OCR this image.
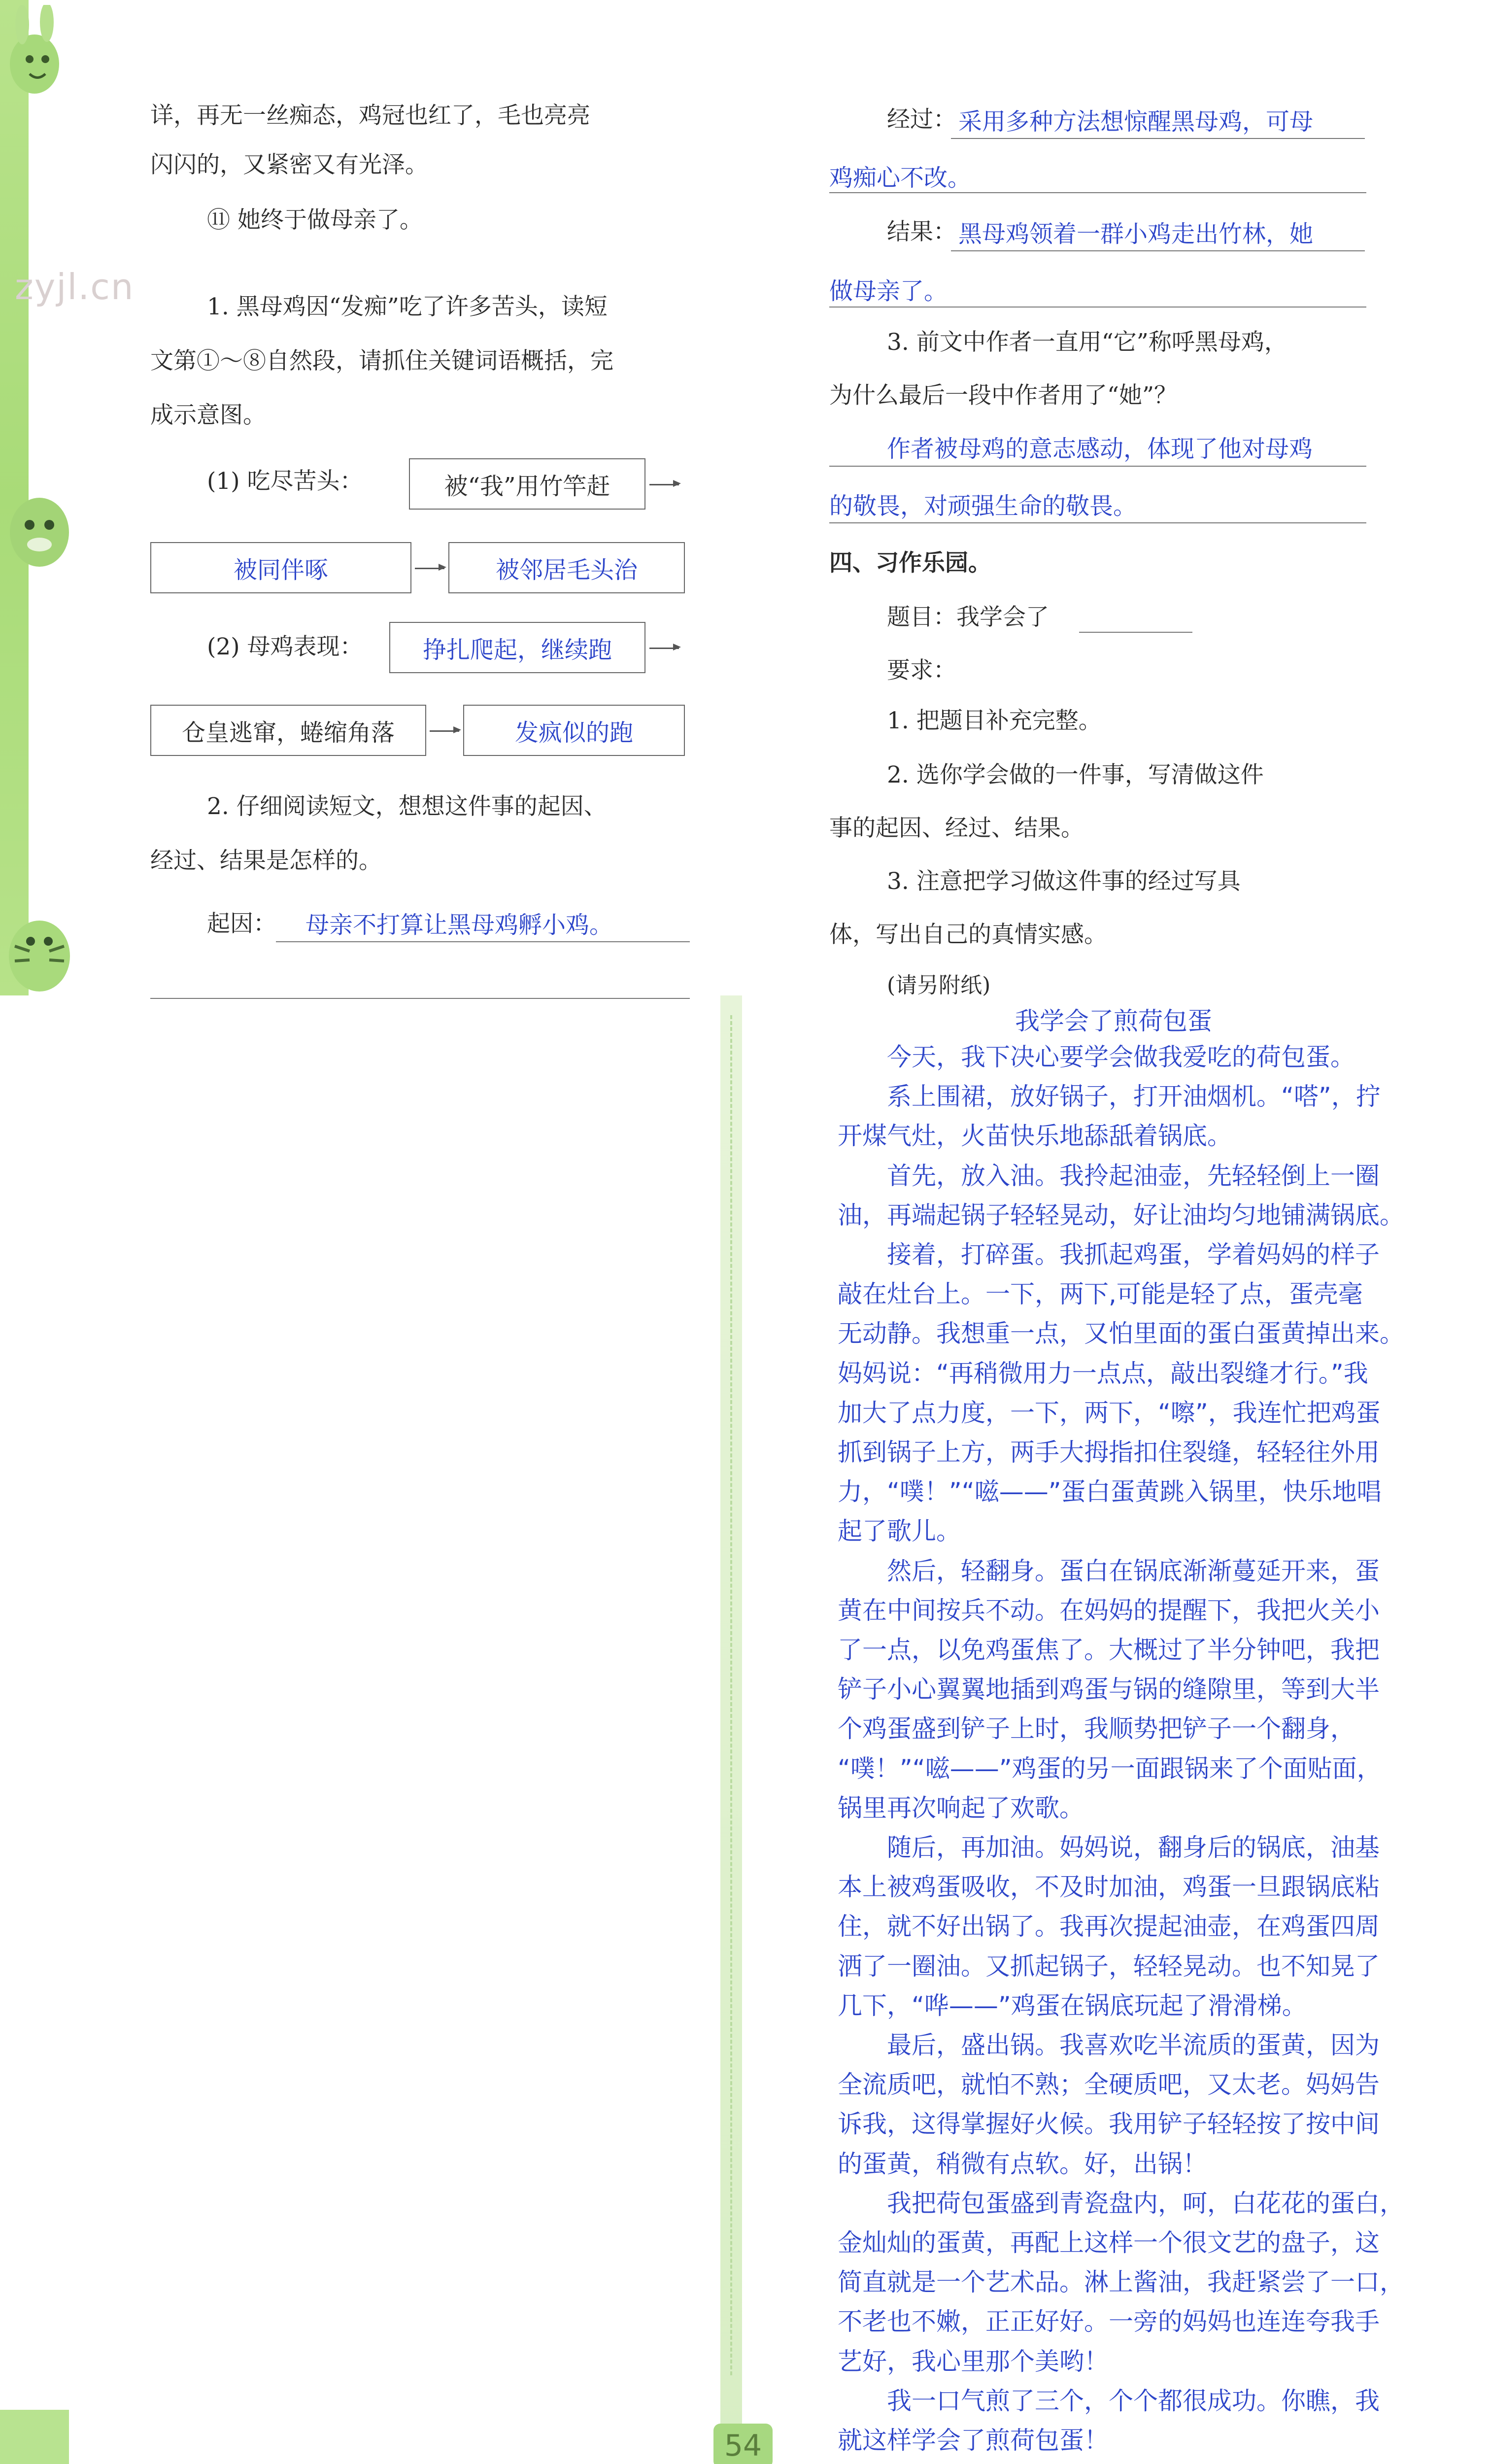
zyjl.cn
54
详，再无一丝痴态，鸡冠也红了，毛也亮亮
闪闪的，又紧密又有光泽。
⑪ 她终于做母亲了。
1. 黑母鸡因“发痴”吃了许多苦头，读短
文第①～⑧自然段，请抓住关键词语概括，完
成示意图。
(1) 吃尽苦头：	被“我”用竹竿赶
被同伴啄	被邻居毛头治
(2) 母鸡表现：	挣扎爬起，继续跑
仓皇逃窜，蜷缩角落	发疯似的跑
2. 仔细阅读短文，想想这件事的起因、
经过、结果是怎样的。
起因： 母亲不打算让黑母鸡孵小鸡。
经过： 采用多种方法想惊醒黑母鸡，可母
鸡痴心不改。
结果： 黑母鸡领着一群小鸡走出竹林，她
做母亲了。
3. 前文中作者一直用“它”称呼黑母鸡，
为什么最后一段中作者用了“她”？
作者被母鸡的意志感动，体现了他对母鸡
的敬畏，对顽强生命的敬畏。
四、习作乐园。
题目：我学会了
要求：
1. 把题目补充完整。
2. 选你学会做的一件事，写清做这件
事的起因、经过、结果。
3. 注意把学习做这件事的经过写具
体，写出自己的真情实感。
(请另附纸)
我学会了煎荷包蛋
今天，我下决心要学会做我爱吃的荷包蛋。
系上围裙，放好锅子，打开油烟机。“嗒”，拧
开煤气灶，火苗快乐地舔舐着锅底。
首先，放入油。我拎起油壶，先轻轻倒上一圈
油，再端起锅子轻轻晃动，好让油均匀地铺满锅底。
接着，打碎蛋。我抓起鸡蛋，学着妈妈的样子
敲在灶台上。一下，两下,可能是轻了点，蛋壳毫
无动静。我想重一点，又怕里面的蛋白蛋黄掉出来。
妈妈说：“再稍微用力一点点，敲出裂缝才行。”我
加大了点力度，一下，两下，“嚓”，我连忙把鸡蛋
抓到锅子上方，两手大拇指扣住裂缝，轻轻往外用
力，“噗！”“嗞——”蛋白蛋黄跳入锅里，快乐地唱
起了歌儿。
然后，轻翻身。蛋白在锅底渐渐蔓延开来，蛋
黄在中间按兵不动。在妈妈的提醒下，我把火关小
了一点，以免鸡蛋焦了。大概过了半分钟吧，我把
铲子小心翼翼地插到鸡蛋与锅的缝隙里，等到大半
个鸡蛋盛到铲子上时，我顺势把铲子一个翻身，
“噗！”“嗞——”鸡蛋的另一面跟锅来了个面贴面，
锅里再次响起了欢歌。
随后，再加油。妈妈说，翻身后的锅底，油基
本上被鸡蛋吸收，不及时加油，鸡蛋一旦跟锅底粘
住，就不好出锅了。我再次提起油壶，在鸡蛋四周
洒了一圈油。又抓起锅子，轻轻晃动。也不知晃了
几下，“哗——”鸡蛋在锅底玩起了滑滑梯。
最后，盛出锅。我喜欢吃半流质的蛋黄，因为
全流质吧，就怕不熟；全硬质吧，又太老。妈妈告
诉我，这得掌握好火候。我用铲子轻轻按了按中间
的蛋黄，稍微有点软。好，出锅！
我把荷包蛋盛到青瓷盘内，呵，白花花的蛋白，
金灿灿的蛋黄，再配上这样一个很文艺的盘子，这
简直就是一个艺术品。淋上酱油，我赶紧尝了一口，
不老也不嫩，正正好好。一旁的妈妈也连连夸我手
艺好，我心里那个美哟！
我一口气煎了三个，个个都很成功。你瞧，我
就这样学会了煎荷包蛋！
